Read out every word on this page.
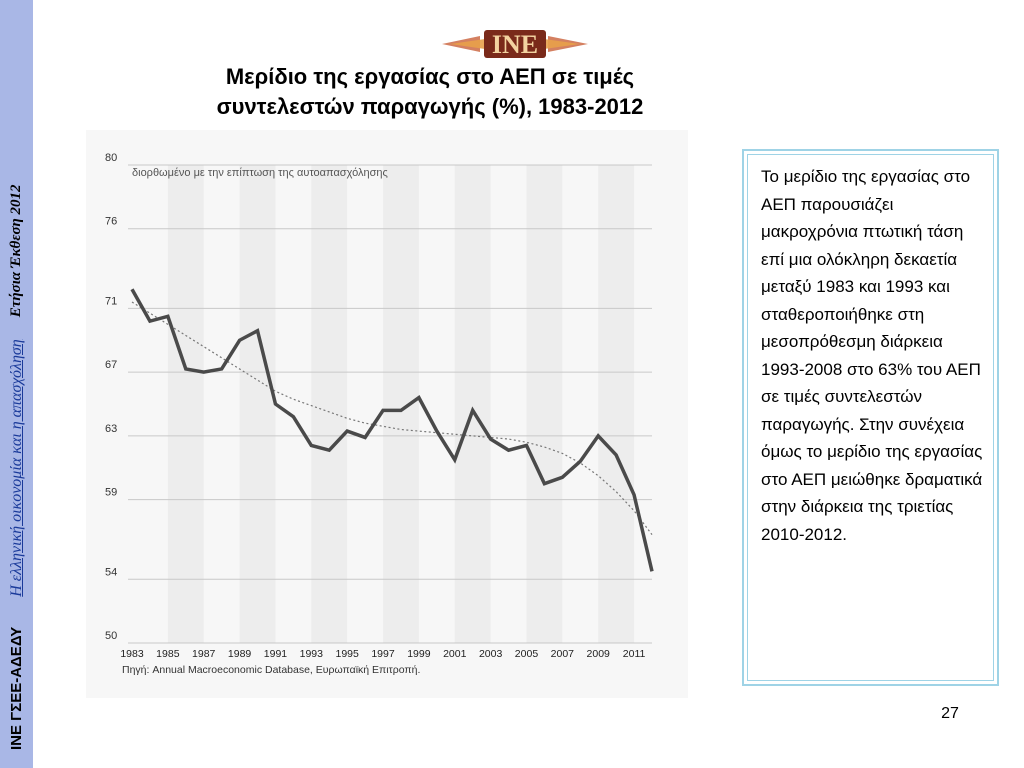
ΙΝΕ ΓΣΕΕ-ΑΔΕΔΥ
Η ελληνική οικονομία και η απασχόληση
Ετήσια Έκθεση 2012
INE
Μερίδιο της εργασίας στο ΑΕΠ σε τιμές
συντελεστών παραγωγής (%), 1983-2012
80
76
71
67
63
59
54
50
1983 1985 1987 1989 1991 1993 1995 1997 1999 2001 2003 2005 2007 2009 2011
διορθωμένο με την επίπτωση της αυτοαπασχόλησης
Πηγή: Annual Macroeconomic Database, Ευρωπαϊκή Επιτροπή.
Το μερίδιο της εργασίας στο ΑΕΠ παρουσιάζει μακροχρόνια πτωτική τάση επί μια ολόκληρη δεκαετία μεταξύ 1983 και 1993 και σταθεροποιήθηκε στη μεσοπρόθεσμη διάρκεια 1993-2008 στο 63% του ΑΕΠ σε τιμές συντελεστών παραγωγής. Στην συνέχεια όμως το μερίδιο της εργασίας στο ΑΕΠ μειώθηκε δραματικά στην διάρκεια της τριετίας 2010-2012.
27
